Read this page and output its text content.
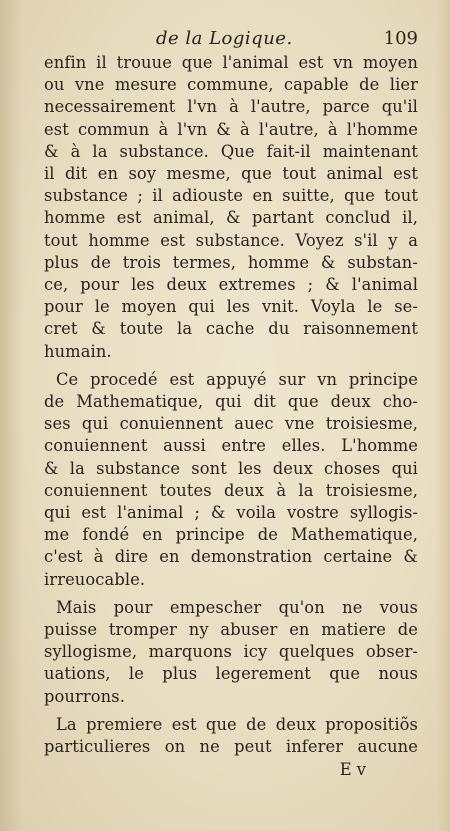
de la Logique.	109
enfin il trouue que l'animal est vn moyen
ou vne mesure commune, capable de lier
necessairement l'vn à l'autre, parce qu'il
est commun à l'vn & à l'autre, à l'homme
& à la substance. Que fait-il maintenant
il dit en soy mesme, que tout animal est
substance ; il adiouste en suitte, que tout
homme est animal, & partant conclud il,
tout homme est substance. Voyez s'il y a
plus de trois termes, homme & substan-
ce, pour les deux extremes ; & l'animal
pour le moyen qui les vnit. Voyla le se-
cret & toute la cache du raisonnement
humain.
Ce procedé est appuyé sur vn principe
de Mathematique, qui dit que deux cho-
ses qui conuiennent auec vne troisiesme,
conuiennent aussi entre elles. L'homme
& la substance sont les deux choses qui
conuiennent toutes deux à la troisiesme,
qui est l'animal ; & voila vostre syllogis-
me fondé en principe de Mathematique,
c'est à dire en demonstration certaine &
irreuocable.
Mais pour empescher qu'on ne vous
puisse tromper ny abuser en matiere de
syllogisme, marquons icy quelques obser-
uations, le plus legerement que nous
pourrons.
La premiere est que de deux propositiõs
particulieres on ne peut inferer aucune
E v
